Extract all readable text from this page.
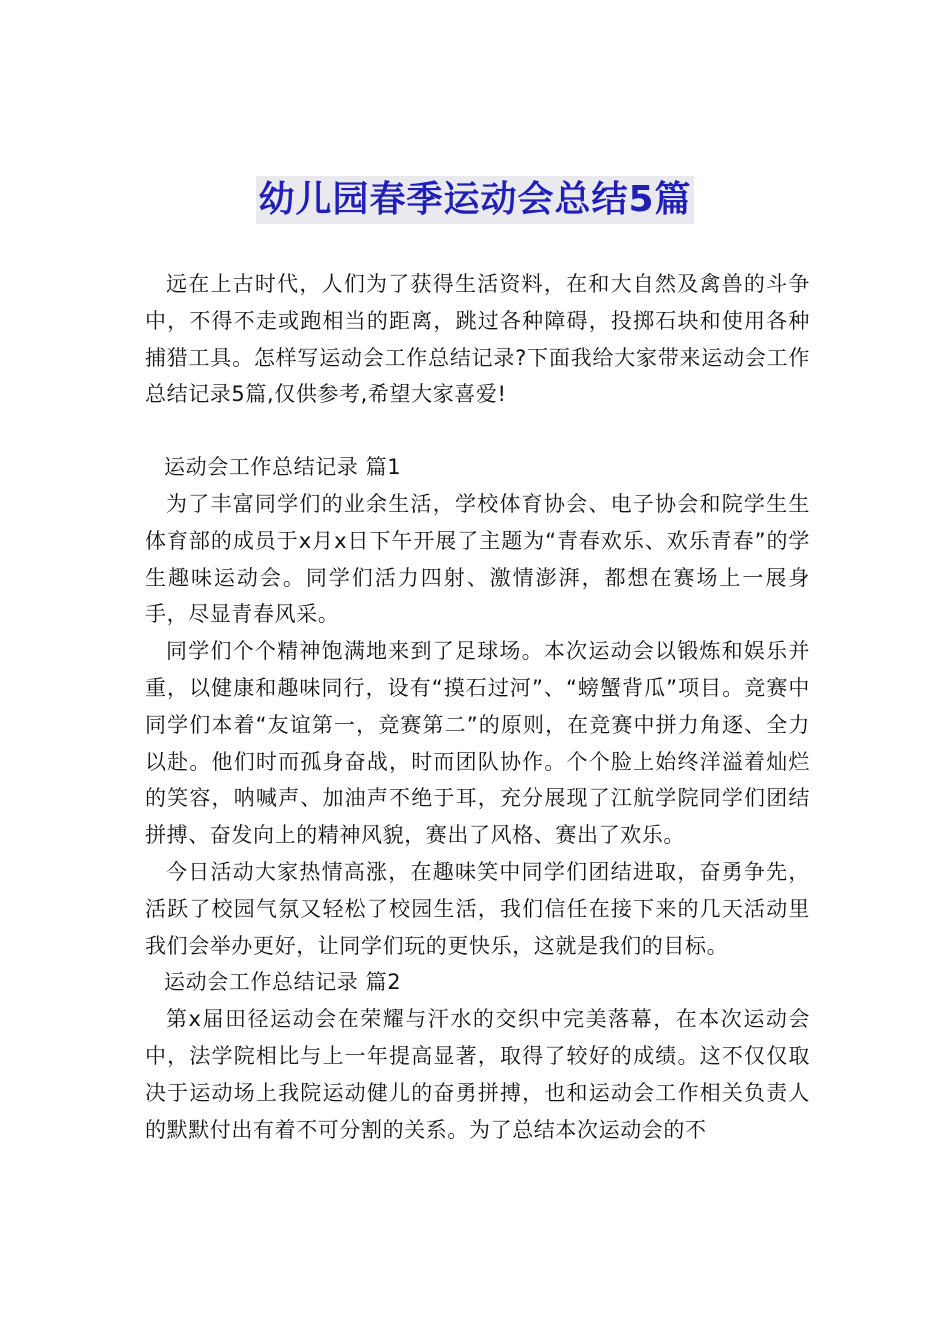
幼儿园春季运动会总结5篇

远在上古时代，人们为了获得生活资料，在和大自然及禽兽的斗争中，不得不走或跑相当的距离，跳过各种障碍，投掷石块和使用各种捕猎工具。怎样写运动会工作总结记录?下面我给大家带来运动会工作总结记录5篇,仅供参考,希望大家喜爱!

运动会工作总结记录 篇1

为了丰富同学们的业余生活，学校体育协会、电子协会和院学生生体育部的成员于x月x日下午开展了主题为“青春欢乐、欢乐青春”的学生趣味运动会。同学们活力四射、激情澎湃，都想在赛场上一展身手，尽显青春风采。

同学们个个精神饱满地来到了足球场。本次运动会以锻炼和娱乐并重，以健康和趣味同行，设有“摸石过河”、“螃蟹背瓜”项目。竞赛中同学们本着“友谊第一，竞赛第二”的原则，在竞赛中拼力角逐、全力以赴。他们时而孤身奋战，时而团队协作。个个脸上始终洋溢着灿烂的笑容，呐喊声、加油声不绝于耳，充分展现了江航学院同学们团结拼搏、奋发向上的精神风貌，赛出了风格、赛出了欢乐。

今日活动大家热情高涨，在趣味笑中同学们团结进取，奋勇争先，活跃了校园气氛又轻松了校园生活，我们信任在接下来的几天活动里我们会举办更好，让同学们玩的更快乐，这就是我们的目标。

运动会工作总结记录 篇2

第x届田径运动会在荣耀与汗水的交织中完美落幕，在本次运动会中，法学院相比与上一年提高显著，取得了较好的成绩。这不仅仅取决于运动场上我院运动健儿的奋勇拼搏，也和运动会工作相关负责人的默默付出有着不可分割的关系。为了总结本次运动会的不
